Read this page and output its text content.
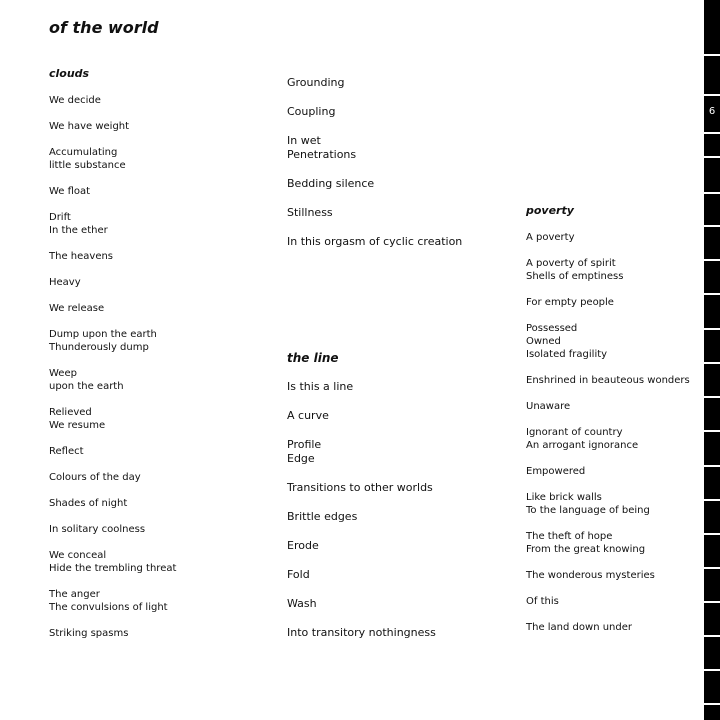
of the world
clouds
We decide
We have weight
Accumulating
little substance
We float
Drift
In the ether
The heavens
Heavy
We release
Dump upon the earth
Thunderously dump
Weep
upon the earth
Relieved
We resume
Reflect
Colours of the day
Shades of night
In solitary coolness
We conceal
Hide the trembling threat
The anger
The convulsions of light
Striking spasms
Grounding
Coupling
In wet
Penetrations
Bedding silence
Stillness
In this orgasm of cyclic creation
the line
Is this a line
A curve
Profile
Edge
Transitions to other worlds
Brittle edges
Erode
Fold
Wash
Into transitory nothingness
poverty
A poverty
A poverty of spirit
Shells of emptiness
For empty people
Possessed
Owned
Isolated fragility
Enshrined in beauteous wonders
Unaware
Ignorant of country
An arrogant ignorance
Empowered
Like brick walls
To the language of being
The theft of hope
From the great knowing
The wonderous mysteries
Of this
The land down under
6
